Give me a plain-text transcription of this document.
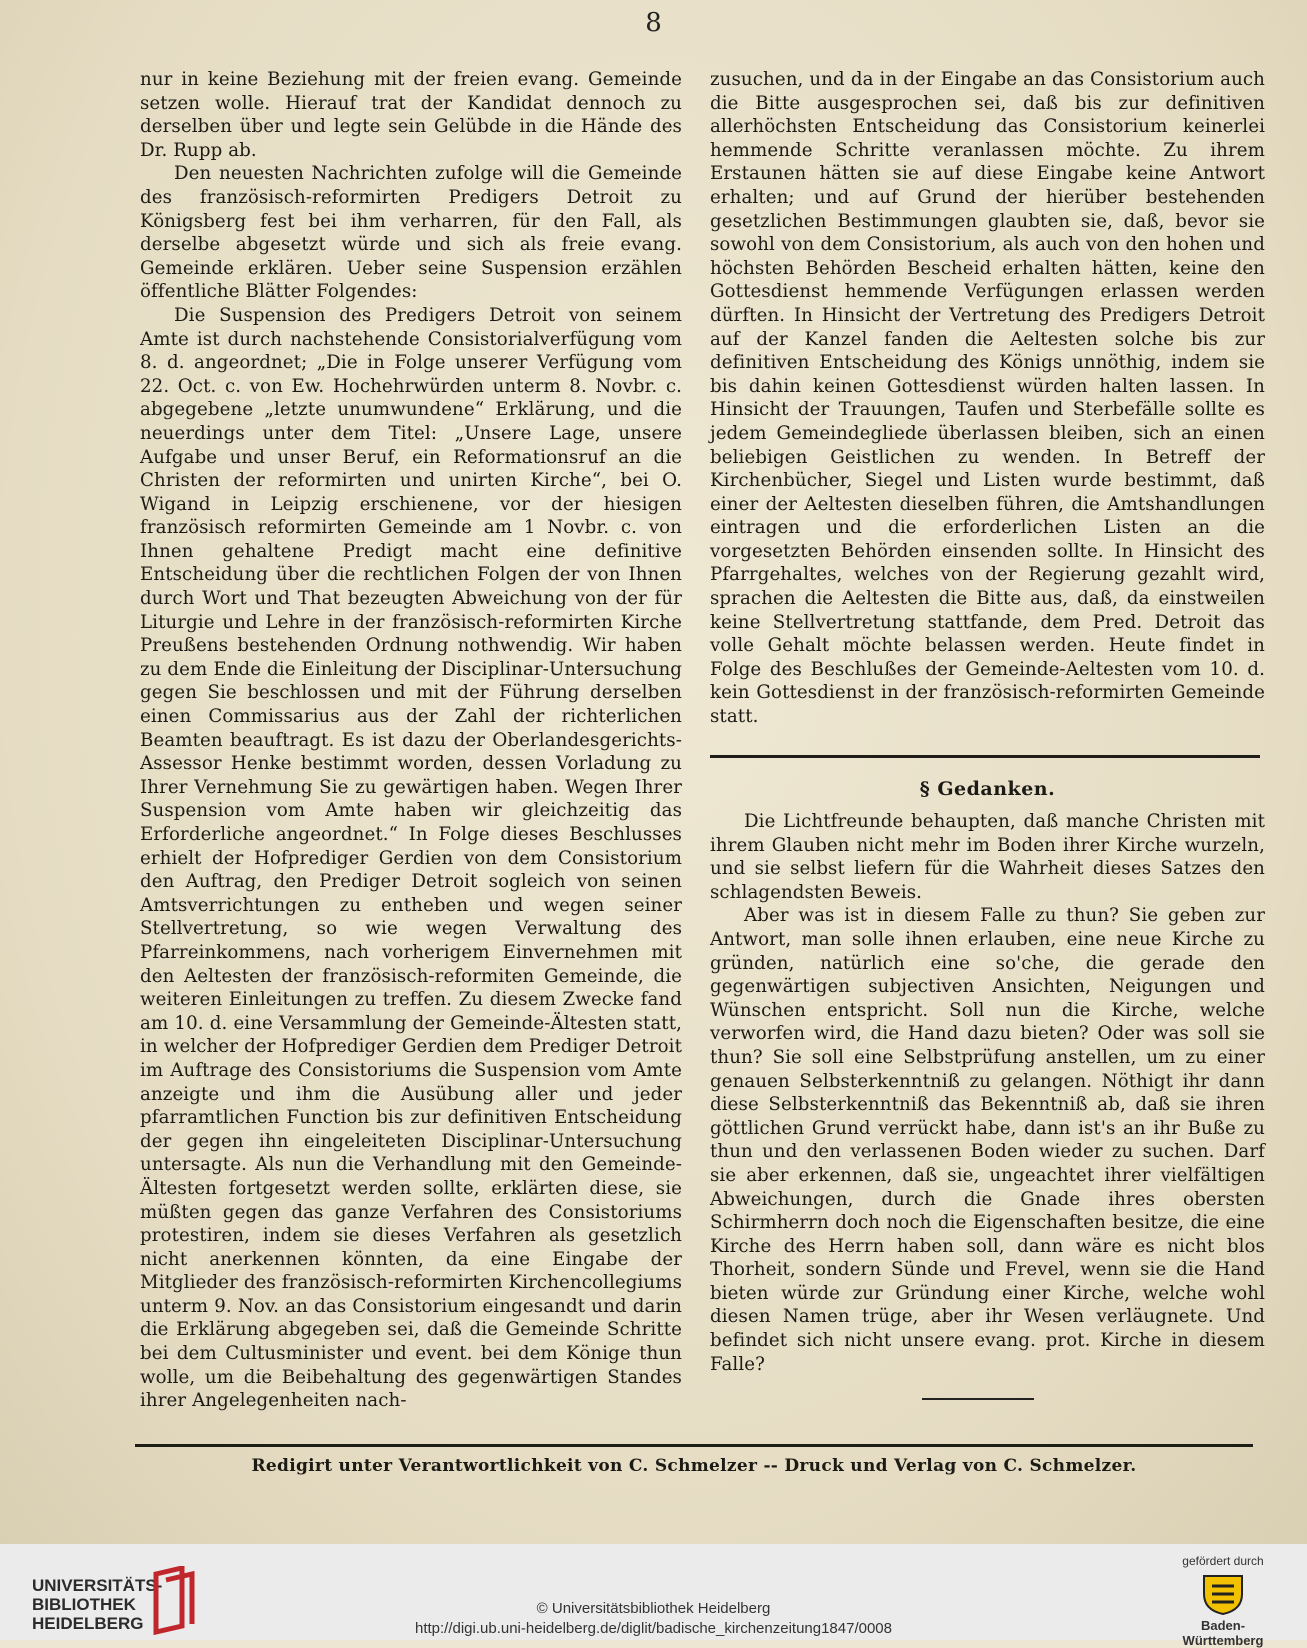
8

nur in keine Beziehung mit der freien evang. Gemeinde setzen wolle. Hierauf trat der Kandidat dennoch zu derselben über und legte sein Gelübde in die Hände des Dr. Rupp ab.

Den neuesten Nachrichten zufolge will die Gemeinde des französisch-reformirten Predigers Detroit zu Königsberg fest bei ihm verharren, für den Fall, als derselbe abgesetzt würde und sich als freie evang. Gemeinde erklären. Ueber seine Suspension erzählen öffentliche Blätter Folgendes:

Die Suspension des Predigers Detroit von seinem Amte ist durch nachstehende Consistorialverfügung vom 8. d. angeordnet; „Die in Folge unserer Verfügung vom 22. Oct. c. von Ew. Hochehrwürden unterm 8. Novbr. c. abgegebene „letzte unumwundene“ Erklärung, und die neuerdings unter dem Titel: „Unsere Lage, unsere Aufgabe und unser Beruf, ein Reformationsruf an die Christen der reformirten und unirten Kirche“, bei O. Wigand in Leipzig erschienene, vor der hiesigen französisch reformirten Gemeinde am 1 Novbr. c. von Ihnen gehaltene Predigt macht eine definitive Entscheidung über die rechtlichen Folgen der von Ihnen durch Wort und That bezeugten Abweichung von der für Liturgie und Lehre in der französisch-reformirten Kirche Preußens bestehenden Ordnung nothwendig. Wir haben zu dem Ende die Einleitung der Disciplinar-Untersuchung gegen Sie beschlossen und mit der Führung derselben einen Commissarius aus der Zahl der richterlichen Beamten beauftragt. Es ist dazu der Oberlandesgerichts-Assessor Henke bestimmt worden, dessen Vorladung zu Ihrer Vernehmung Sie zu gewärtigen haben. Wegen Ihrer Suspension vom Amte haben wir gleichzeitig das Erforderliche angeordnet.“ In Folge dieses Beschlusses erhielt der Hofprediger Gerdien von dem Consistorium den Auftrag, den Prediger Detroit sogleich von seinen Amtsverrichtungen zu entheben und wegen seiner Stellvertretung, so wie wegen Verwaltung des Pfarreinkommens, nach vorherigem Einvernehmen mit den Aeltesten der französisch-reformiten Gemeinde, die weiteren Einleitungen zu treffen. Zu diesem Zwecke fand am 10. d. eine Versammlung der Gemeinde-Ältesten statt, in welcher der Hofprediger Gerdien dem Prediger Detroit im Auftrage des Consistoriums die Suspension vom Amte anzeigte und ihm die Ausübung aller und jeder pfarramtlichen Function bis zur definitiven Entscheidung der gegen ihn eingeleiteten Disciplinar-Untersuchung untersagte. Als nun die Verhandlung mit den Gemeinde-Ältesten fortgesetzt werden sollte, erklärten diese, sie müßten gegen das ganze Verfahren des Consistoriums protestiren, indem sie dieses Verfahren als gesetzlich nicht anerkennen könnten, da eine Eingabe der Mitglieder des französisch-reformirten Kirchencollegiums unterm 9. Nov. an das Consistorium eingesandt und darin die Erklärung abgegeben sei, daß die Gemeinde Schritte bei dem Cultusminister und event. bei dem Könige thun wolle, um die Beibehaltung des gegenwärtigen Standes ihrer Angelegenheiten nach-

zusuchen, und da in der Eingabe an das Consistorium auch die Bitte ausgesprochen sei, daß bis zur definitiven allerhöchsten Entscheidung das Consistorium keinerlei hemmende Schritte veranlassen möchte. Zu ihrem Erstaunen hätten sie auf diese Eingabe keine Antwort erhalten; und auf Grund der hierüber bestehenden gesetzlichen Bestimmungen glaubten sie, daß, bevor sie sowohl von dem Consistorium, als auch von den hohen und höchsten Behörden Bescheid erhalten hätten, keine den Gottesdienst hemmende Verfügungen erlassen werden dürften. In Hinsicht der Vertretung des Predigers Detroit auf der Kanzel fanden die Aeltesten solche bis zur definitiven Entscheidung des Königs unnöthig, indem sie bis dahin keinen Gottesdienst würden halten lassen. In Hinsicht der Trauungen, Taufen und Sterbefälle sollte es jedem Gemeindegliede überlassen bleiben, sich an einen beliebigen Geistlichen zu wenden. In Betreff der Kirchenbücher, Siegel und Listen wurde bestimmt, daß einer der Aeltesten dieselben führen, die Amtshandlungen eintragen und die erforderlichen Listen an die vorgesetzten Behörden einsenden sollte. In Hinsicht des Pfarrgehaltes, welches von der Regierung gezahlt wird, sprachen die Aeltesten die Bitte aus, daß, da einstweilen keine Stellvertretung stattfande, dem Pred. Detroit das volle Gehalt möchte belassen werden. Heute findet in Folge des Beschlußes der Gemeinde-Aeltesten vom 10. d. kein Gottesdienst in der französisch-reformirten Gemeinde statt.

§ Gedanken.

Die Lichtfreunde behaupten, daß manche Christen mit ihrem Glauben nicht mehr im Boden ihrer Kirche wurzeln, und sie selbst liefern für die Wahrheit dieses Satzes den schlagendsten Beweis.

Aber was ist in diesem Falle zu thun? Sie geben zur Antwort, man solle ihnen erlauben, eine neue Kirche zu gründen, natürlich eine so'che, die gerade den gegenwärtigen subjectiven Ansichten, Neigungen und Wünschen entspricht. Soll nun die Kirche, welche verworfen wird, die Hand dazu bieten? Oder was soll sie thun? Sie soll eine Selbstprüfung anstellen, um zu einer genauen Selbsterkenntniß zu gelangen. Nöthigt ihr dann diese Selbsterkenntniß das Bekenntniß ab, daß sie ihren göttlichen Grund verrückt habe, dann ist's an ihr Buße zu thun und den verlassenen Boden wieder zu suchen. Darf sie aber erkennen, daß sie, ungeachtet ihrer vielfältigen Abweichungen, durch die Gnade ihres obersten Schirmherrn doch noch die Eigenschaften besitze, die eine Kirche des Herrn haben soll, dann wäre es nicht blos Thorheit, sondern Sünde und Frevel, wenn sie die Hand bieten würde zur Gründung einer Kirche, welche wohl diesen Namen trüge, aber ihr Wesen verläugnete. Und befindet sich nicht unsere evang. prot. Kirche in diesem Falle?

Redigirt unter Verantwortlichkeit von C. Schmelzer -- Druck und Verlag von C. Schmelzer.
UNIVERSITÄTS-
BIBLIOTHEK
HEIDELBERG
© Universitätsbibliothek Heidelberg
http://digi.ub.uni-heidelberg.de/diglit/badische_kirchenzeitung1847/0008
gefördert durch
Baden-Württemberg
